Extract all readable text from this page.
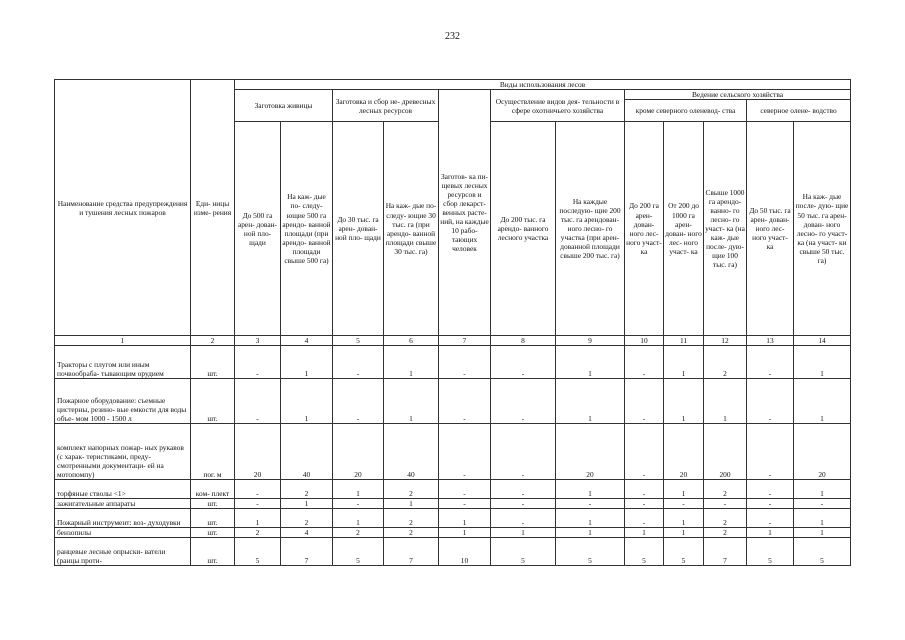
232
Наименование средства предупреждения и тушения лесных пожаров	Еди- ницы изме- рения	Виды использования лесов											
		Заготовка живицы		Заготовка и сбор не- древесных лесных ресурсов		Заготов- ка пи- щевых лесных ресурсов и сбор лекарст- венных расте- ний, на каждые 10 рабо- тающих человек	Осуществление видов дея- тельности в сфере охотничьего хозяйства		Ведение сельского хозяйства				
									кроме северного оленевод- ства			северное олене- водство	
		До 500 га арен- дован- ной пло- щади	На каж- дые по- следу- ющие 500 га арендо- ванной площади (при арендо- ванной площади свыше 500 га)	До 30 тыс. га арен- дован- ной пло- щади	На каж- дые по- следу- ющие 30 тыс. га (при арендо- ванной площади свыше 30 тыс. га)		До 200 тыс. га арендо- ванного лесного участка	На каждые последую- щие 200 тыс. га арендован- ного лесно- го участка (при арен- дованной площади свыше 200 тыс. га)	До 200 га арен- дован- ного лес- ного участ- ка	От 200 до 1000 га арен- дован- ного лес- ного участ- ка	Свыше 1000 га арендо- ванно- го лесно- го участ- ка (на каж- дые после- дую- щие 100 тыс. га)	До 50 тыс. га арен- дован- ного лес- ного участ- ка	На каж- дые после- дую- щие 50 тыс. га арен- дован- ного лесно- го участ- ка (на участ- ки свыше 50 тыс. га)
1	2	3	4	5	6	7	8	9	10	11	12	13	14
Тракторы с плугом или иным почвообраба- тывающим орудием	шт.	-	1	-	1	-	-	1	-	1	2	-	1
Пожарное оборудование: съемные цистерны, резино- вые емкости для воды объе- мом 1000 - 1500 л	шт.	-	1	-	1	-	-	1	-	1	1	-	1
комплект напорных пожар- ных рукавов (с харак- теристиками, преду- смотренными документаци- ей на мотопомпу)	пог. м	20	40	20	40	-	-	20	-	20	200	-	20
торфяные стволы <1>	ком- плект	-	2	1	2	-	-	1	-	1	2	-	1
зажигательные аппараты	шт.	-	1	-	1	-	-	-	-	-	-	-	-
Пожарный инструмент: воз- духодувки	шт.	1	2	1	2	1	-	1	-	1	2	-	1
бензопилы	шт.	2	4	2	2	1	1	1	1	1	2	1	1
ранцевые лесные опрыски- ватели (ранцы проти-	шт.	5	7	5	7	10	5	5	5	5	7	5	5
